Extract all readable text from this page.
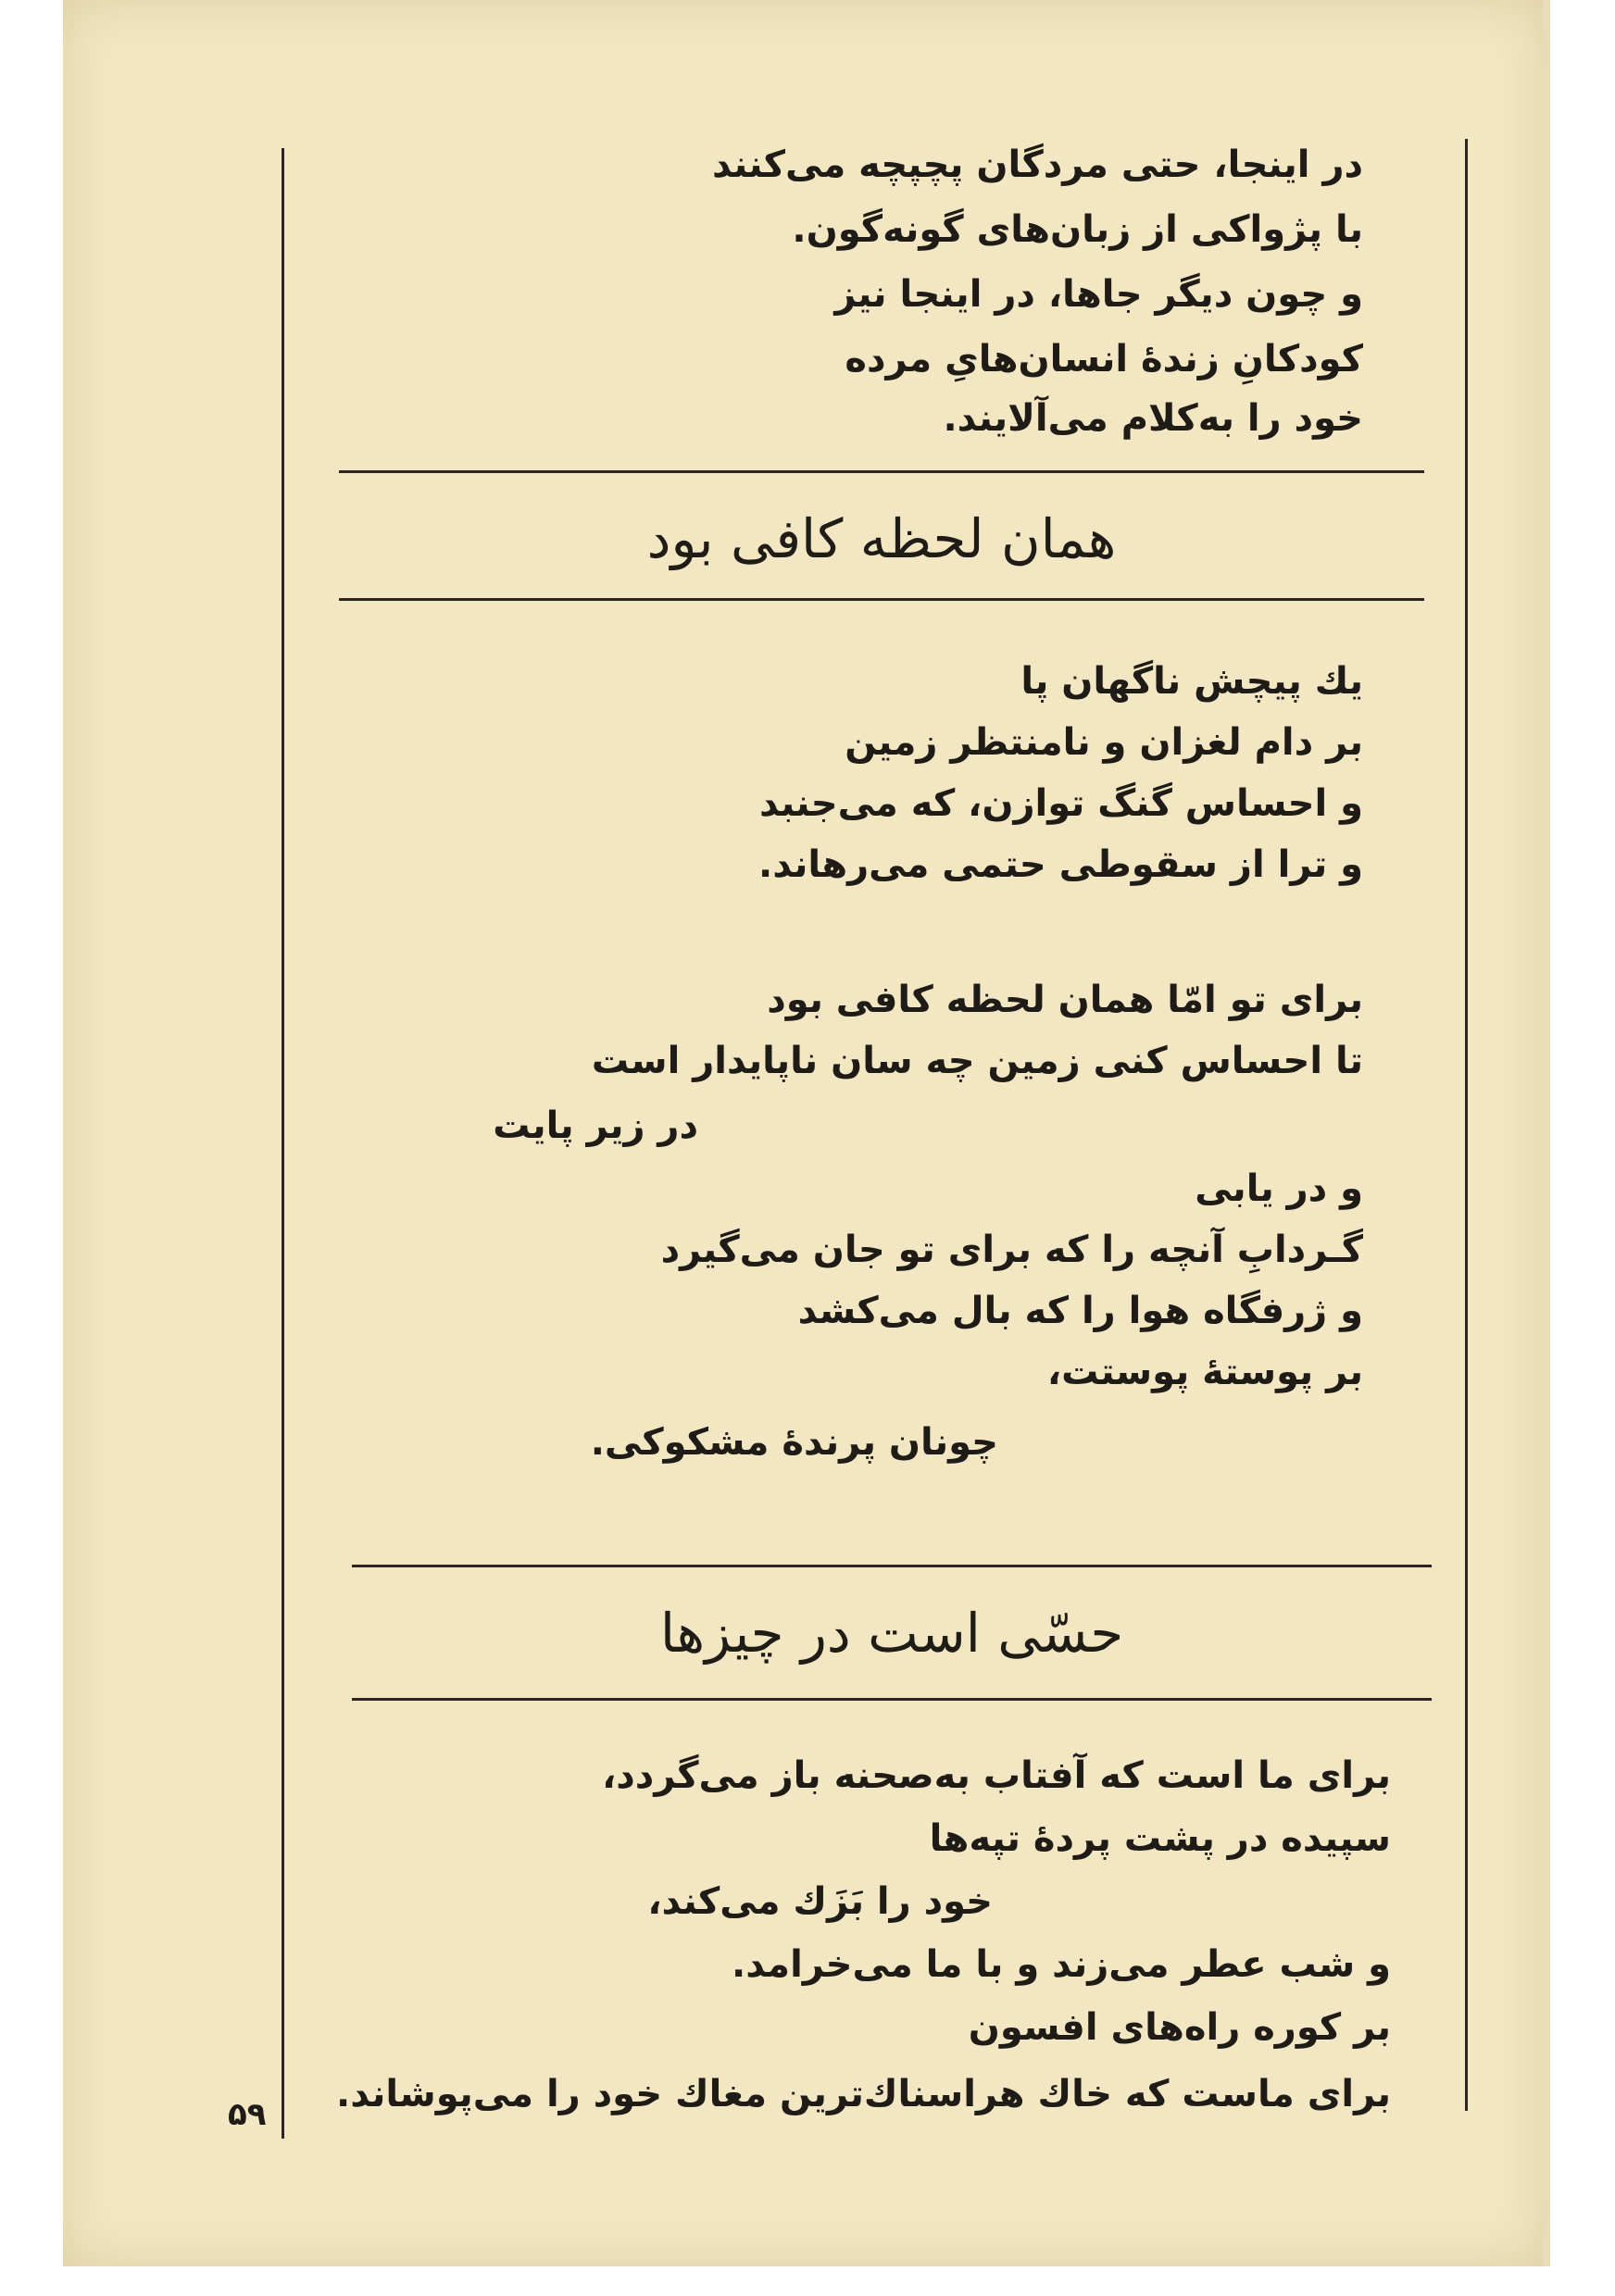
در اینجا، حتی مردگان پچپچه می‌کنند
با پژواکی از زبان‌های گونه‌گون.
و چون دیگر جاها، در اینجا نیز
کودکانِ زندهٔ انسان‌هایِ مرده
خود را به‌کلام می‌آلایند.
همان لحظه کافی بود
یك پیچش ناگهان پا
بر دام لغزان و نامنتظر زمین
و احساس گنگ توازن، که می‌جنبد
و ترا از سقوطی حتمی می‌رهاند.
برای تو امّا همان لحظه کافی بود
تا احساس کنی زمین چه سان ناپایدار است
در زیر پایت
و در یابی
گـردابِ آنچه را که برای تو جان می‌گیرد
و ژرفگاه هوا را که بال می‌کشد
بر پوستهٔ پوستت،
چونان پرندهٔ مشکوکی.
حسّی است در چیزها
برای ما است که آفتاب به‌صحنه باز می‌گردد،
سپیده در پشت پردهٔ تپه‌ها
خود را بَزَك می‌کند،
و شب عطر می‌زند و با ما می‌خرامد.
بر کوره راه‌های افسون
برای ماست که خاك هراسناك‌ترین مغاك خود را می‌پوشاند.
۵۹
